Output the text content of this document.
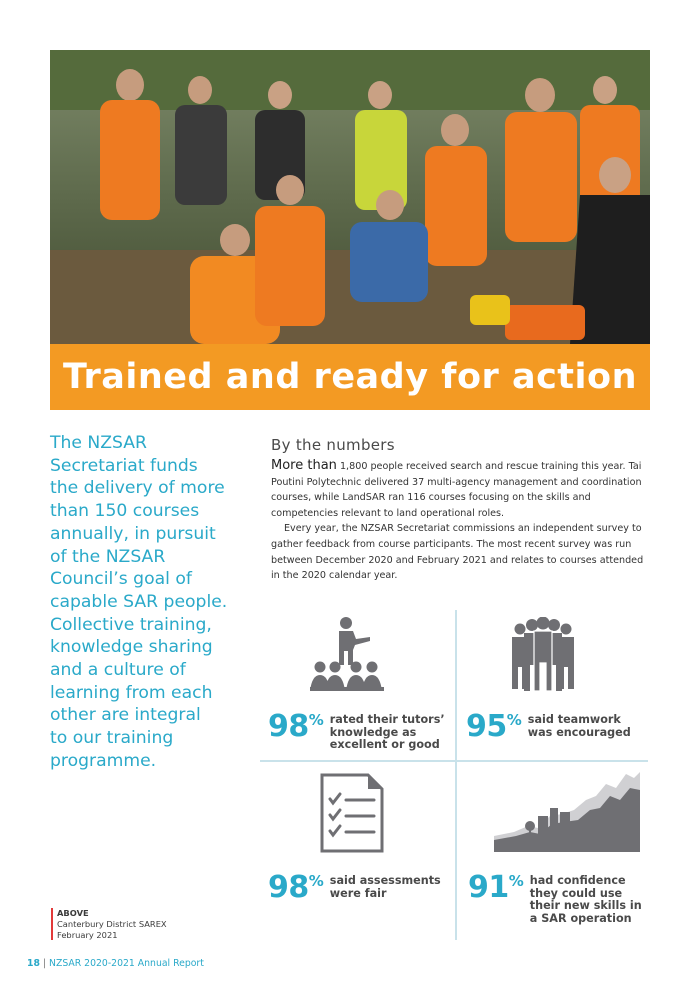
Trained and ready for action
The NZSAR
Secretariat funds
the delivery of more
than 150 courses
annually, in pursuit
of the NZSAR
Council’s goal of
capable SAR people.
Collective training,
knowledge sharing
and a culture of
learning from each
other are integral
to our training
programme.
By the numbers

More than 1,800 people received search and rescue training this year. Tai Poutini Polytechnic delivered 37 multi-agency management and coordination courses, while LandSAR ran 116 courses focusing on the skills and competencies relevant to land operational roles.

Every year, the NZSAR Secretariat commissions an independent survey to gather feedback from course participants. The most recent survey was run between December 2020 and February 2021 and relates to courses attended in the 2020 calendar year.

98 % rated their tutors’
knowledge as
excellent or good
95 % said teamwork
was encouraged
98 % said assessments
were fair	91 % had confidence
they could use
their new skills in
a SAR operation
ABOVE
Canterbury District SAREX
February 2021
18 | NZSAR 2020-2021 Annual Report
